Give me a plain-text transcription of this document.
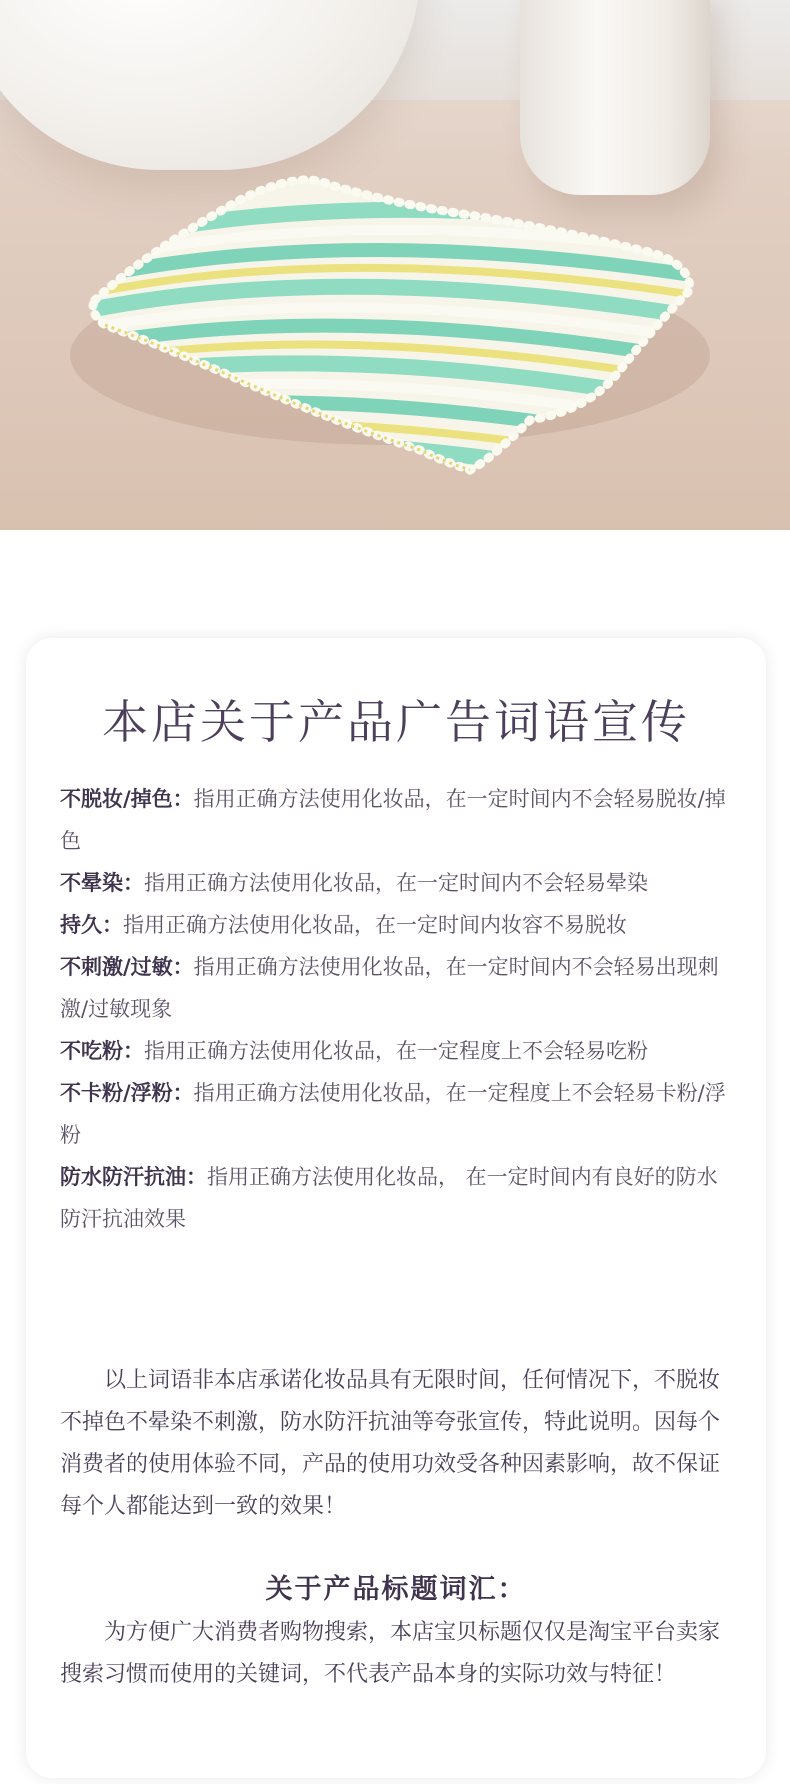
本店关于产品广告词语宣传

不脱妆/掉色：指用正确方法使用化妆品，在一定时间内不会轻易脱妆/掉色

不晕染：指用正确方法使用化妆品，在一定时间内不会轻易晕染

持久：指用正确方法使用化妆品，在一定时间内妆容不易脱妆

不刺激/过敏：指用正确方法使用化妆品，在一定时间内不会轻易出现刺激/过敏现象

不吃粉：指用正确方法使用化妆品，在一定程度上不会轻易吃粉

不卡粉/浮粉：指用正确方法使用化妆品，在一定程度上不会轻易卡粉/浮粉

防水防汗抗油：指用正确方法使用化妆品， 在一定时间内有良好的防水防汗抗油效果

以上词语非本店承诺化妆品具有无限时间，任何情况下，不脱妆不掉色不晕染不刺激，防水防汗抗油等夸张宣传，特此说明。因每个消费者的使用体验不同，产品的使用功效受各种因素影响，故不保证每个人都能达到一致的效果！

关于产品标题词汇：

为方便广大消费者购物搜索，本店宝贝标题仅仅是淘宝平台卖家搜索习惯而使用的关键词，不代表产品本身的实际功效与特征！
